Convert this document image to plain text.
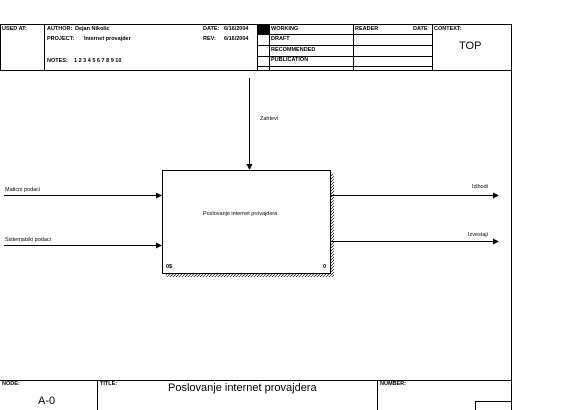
USED AT:	AUTHOR: Dejan Nikolic
PROJECT: Internet provajder
DATE: 6/16/2004
REV: 6/16/2004
NOTES: 1 2 3 4 5 6 7 8 9 10
WORKING
DRAFT
RECOMMENDED
PUBLICATION
READER	DATE CONTEXT:
TOP
Zahtevi
Maticni podaci
Sistematski podaci
Izlhodi
Izvestaji
Poslovanje internet provajdera
0$	0
NODE:
A-0
TITLE:	Poslovanje internet provajdera	NUMBER:
